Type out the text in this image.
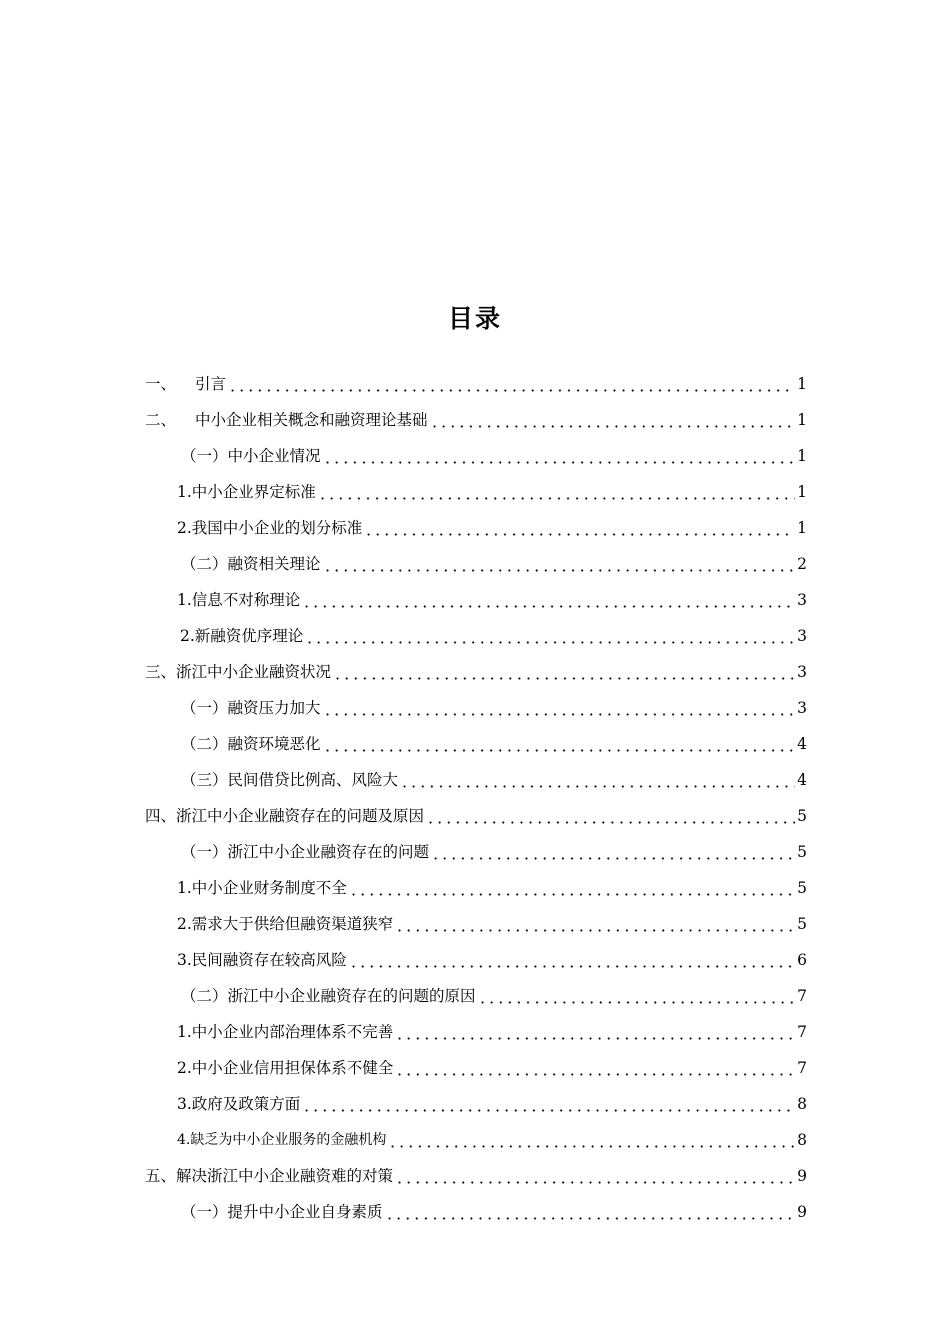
目录
一、	引言	1
二、	中小企业相关概念和融资理论基础	1
（一）中小企业情况	1
1.中小企业界定标准	1
2.我国中小企业的划分标准	1
（二）融资相关理论	2
1.信息不对称理论	3
2.新融资优序理论	3
三、浙江中小企业融资状况	3
（一）融资压力加大	3
（二）融资环境恶化	4
（三）民间借贷比例高、风险大	4
四、浙江中小企业融资存在的问题及原因	5
（一）浙江中小企业融资存在的问题	5
1.中小企业财务制度不全	5
2.需求大于供给但融资渠道狭窄	5
3.民间融资存在较高风险	6
（二）浙江中小企业融资存在的问题的原因	7
1.中小企业内部治理体系不完善	7
2.中小企业信用担保体系不健全	7
3.政府及政策方面	8
4.缺乏为中小企业服务的金融机构	8
五、解决浙江中小企业融资难的对策	9
（一）提升中小企业自身素质	9
